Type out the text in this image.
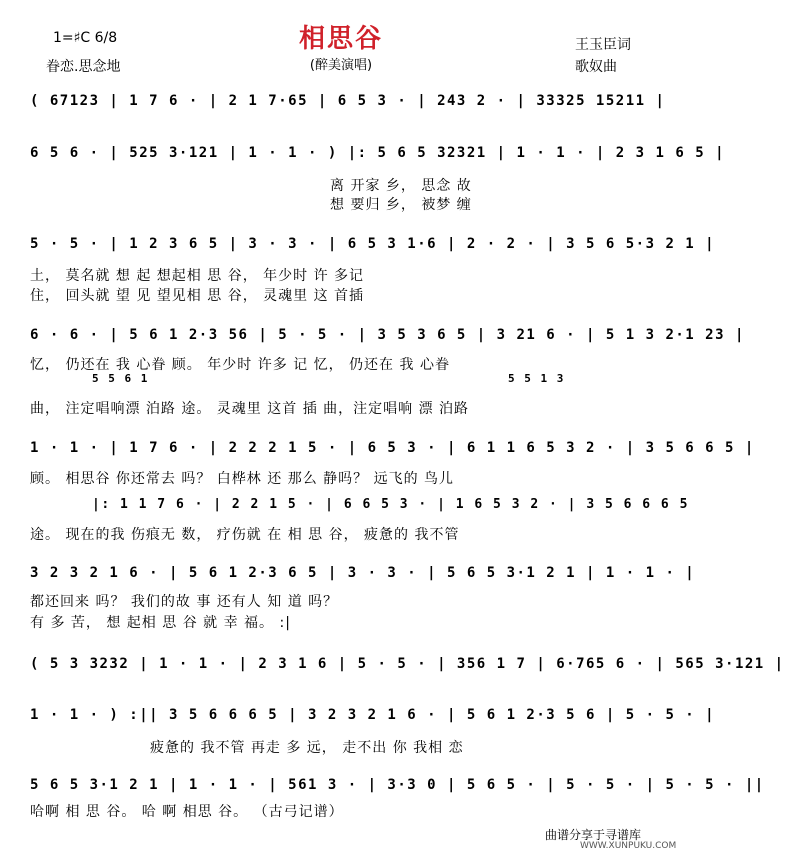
相思谷
(醉美演唱)
1=♯C 6/8
眷恋.思念地
王玉臣词
歌奴曲
( 67123 | 1 7 6 · | 2 1 7·65 | 6 5 3 · | 243 2 · | 33325 15211 |
6 5 6 · | 525 3·121 | 1 · 1 · ) |: 5 6 5 32321 | 1 · 1 · | 2 3 1 6 5 |
离 开家 乡， 思念 故
想 要归 乡， 被梦 缠
5 · 5 · | 1 2 3 6 5 | 3 · 3 · | 6 5 3 1·6 | 2 · 2 · | 3 5 6 5·3 2 1 |
土， 莫名就 想 起 想起相 思 谷， 年少时 许 多记
住， 回头就 望 见 望见相 思 谷， 灵魂里 这 首插
6 · 6 · | 5 6 1 2·3 56 | 5 · 5 · | 3 5 3 6 5 | 3 21 6 · | 5 1 3 2·1 23 |
忆， 仍还在 我 心眷 顾。 年少时 许多 记 忆， 仍还在 我 心眷
5 5 6 1	5 5 1 3
曲， 注定唱响漂 泊路 途。 灵魂里 这首 插 曲，注定唱响 漂 泊路
1 · 1 · | 1 7 6 · | 2 2 2 1 5 · | 6 5 3 · | 6 1 1 6 5 3 2 · | 3 5 6 6 5 |
顾。 相思谷 你还常去 吗？ 白桦林 还 那么 静吗？ 远飞的 鸟儿
|: 1 1 7 6 · | 2 2 1 5 · | 6 6 5 3 · | 1 6 5 3 2 · | 3 5 6 6 6 5
途。 现在的我 伤痕无 数， 疗伤就 在 相 思 谷， 疲惫的 我不管
3 2 3 2 1 6 · | 5 6 1 2·3 6 5 | 3 · 3 · | 5 6 5 3·1 2 1 | 1 · 1 · |
都还回来 吗？ 我们的故 事 还有人 知 道 吗？
有 多 苦， 想 起相 思 谷 就 幸 福。 :|
( 5 3 3232 | 1 · 1 · | 2 3 1 6 | 5 · 5 · | 356 1 7 | 6·765 6 · | 565 3·121 |
1 · 1 · ) :|| 3 5 6 6 6 5 | 3 2 3 2 1 6 · | 5 6 1 2·3 5 6 | 5 · 5 · |
疲惫的 我不管 再走 多 远， 走不出 你 我相 恋
5 6 5 3·1 2 1 | 1 · 1 · | 561 3 · | 3·3 0 | 5 6 5 · | 5 · 5 · | 5 · 5 · ||
哈啊 相 思 谷。 哈 啊 相思 谷。 （古弓记谱）
曲谱分享于寻谱库
WWW.XUNPUKU.COM
